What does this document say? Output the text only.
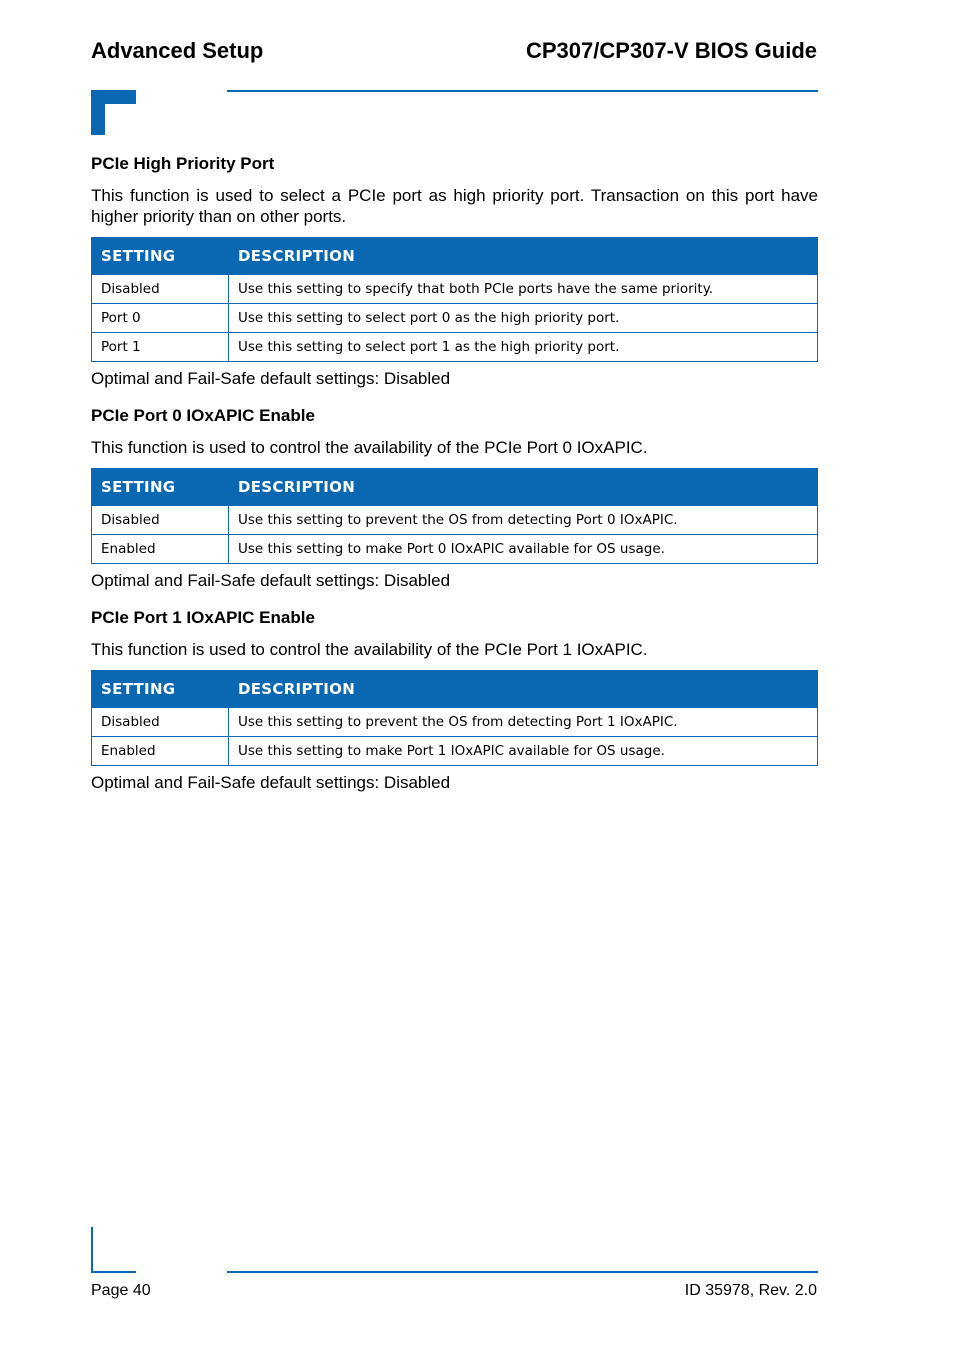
Advanced Setup	CP307/CP307-V BIOS Guide
PCIe High Priority Port
This function is used to select a PCIe port as high priority port. Transaction on this port have higher priority than on other ports.
SETTING	DESCRIPTION
Disabled	Use this setting to specify that both PCIe ports have the same priority.
Port 0	Use this setting to select port 0 as the high priority port.
Port 1	Use this setting to select port 1 as the high priority port.
Optimal and Fail-Safe default settings: Disabled
PCIe Port 0 IOxAPIC Enable
This function is used to control the availability of the PCIe Port 0 IOxAPIC.
SETTING	DESCRIPTION
Disabled	Use this setting to prevent the OS from detecting Port 0 IOxAPIC.
Enabled	Use this setting to make Port 0 IOxAPIC available for OS usage.
Optimal and Fail-Safe default settings: Disabled
PCIe Port 1 IOxAPIC Enable
This function is used to control the availability of the PCIe Port 1 IOxAPIC.
SETTING	DESCRIPTION
Disabled	Use this setting to prevent the OS from detecting Port 1 IOxAPIC.
Enabled	Use this setting to make Port 1 IOxAPIC available for OS usage.
Optimal and Fail-Safe default settings: Disabled
Page 40	ID 35978, Rev. 2.0
